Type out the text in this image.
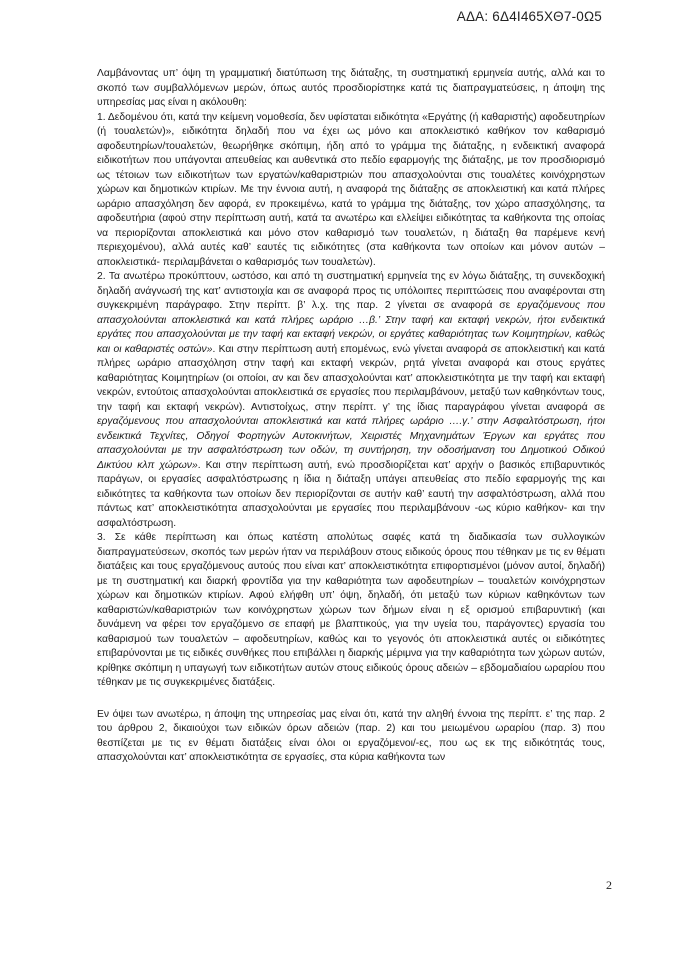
ΑΔΑ: 6Δ4Ι465ΧΘ7-0Ω5

Λαμβάνοντας υπ’ όψη τη γραμματική διατύπωση της διάταξης, τη συστηματική ερμηνεία αυτής, αλλά και το σκοπό των συμβαλλόμενων μερών, όπως αυτός προσδιορίστηκε κατά τις διαπραγματεύσεις, η άποψη της υπηρεσίας μας είναι η ακόλουθη:

1. Δεδομένου ότι, κατά την κείμενη νομοθεσία, δεν υφίσταται ειδικότητα «Εργάτης (ή καθαριστής) αφοδευτηρίων (ή τουαλετών)», ειδικότητα δηλαδή που να έχει ως μόνο και αποκλειστικό καθήκον τον καθαρισμό αφοδευτηρίων/τουαλετών, θεωρήθηκε σκόπιμη, ήδη από το γράμμα της διάταξης, η ενδεικτική αναφορά ειδικοτήτων που υπάγονται απευθείας και αυθεντικά στο πεδίο εφαρμογής της διάταξης, με τον προσδιορισμό ως τέτοιων των ειδικοτήτων των εργατών/καθαριστριών που απασχολούνται στις τουαλέτες κοινόχρηστων χώρων και δημοτικών κτιρίων. Με την έννοια αυτή, η αναφορά της διάταξης σε αποκλειστική και κατά πλήρες ωράριο απασχόληση δεν αφορά, εν προκειμένω, κατά το γράμμα της διάταξης, τον χώρο απασχόλησης, τα αφοδευτήρια (αφού στην περίπτωση αυτή, κατά τα ανωτέρω και ελλείψει ειδικότητας τα καθήκοντα της οποίας να περιορίζονται αποκλειστικά και μόνο στον καθαρισμό των τουαλετών, η διάταξη θα παρέμενε κενή περιεχομένου), αλλά αυτές καθ’ εαυτές τις ειδικότητες (στα καθήκοντα των οποίων και μόνον αυτών –αποκλειστικά- περιλαμβάνεται ο καθαρισμός των τουαλετών).

2. Τα ανωτέρω προκύπτουν, ωστόσο, και από τη συστηματική ερμηνεία της εν λόγω διάταξης, τη συνεκδοχική δηλαδή ανάγνωσή της κατ’ αντιστοιχία και σε αναφορά προς τις υπόλοιπες περιπτώσεις που αναφέρονται στη συγκεκριμένη παράγραφο. Στην περίπτ. β’ λ.χ. της παρ. 2 γίνεται σε αναφορά σε εργαζόμενους που απασχολούνται αποκλειστικά και κατά πλήρες ωράριο …β.’ Στην ταφή και εκταφή νεκρών, ήτοι ενδεικτικά εργάτες που απασχολούνται με την ταφή και εκταφή νεκρών, οι εργάτες καθαριότητας των Κοιμητηρίων, καθώς και οι καθαριστές οστών». Και στην περίπτωση αυτή επομένως, ενώ γίνεται αναφορά σε αποκλειστική και κατά πλήρες ωράριο απασχόληση στην ταφή και εκταφή νεκρών, ρητά γίνεται αναφορά και στους εργάτες καθαριότητας Κοιμητηρίων (οι οποίοι, αν και δεν απασχολούνται κατ’ αποκλειστικότητα με την ταφή και εκταφή νεκρών, εντούτοις απασχολούνται αποκλειστικά σε εργασίες που περιλαμβάνουν, μεταξύ των καθηκόντων τους, την ταφή και εκταφή νεκρών). Αντιστοίχως, στην περίπτ. γ’ της ίδιας παραγράφου γίνεται αναφορά σε εργαζόμενους που απασχολούνται αποκλειστικά και κατά πλήρες ωράριο ….γ.’ στην Ασφαλτόστρωση, ήτοι ενδεικτικά Τεχνίτες, Οδηγοί Φορτηγών Αυτοκινήτων, Χειριστές Μηχανημάτων Έργων και εργάτες που απασχολούνται με την ασφαλτόστρωση των οδών, τη συντήρηση, την οδοσήμανση του Δημοτικού Οδικού Δικτύου κλπ χώρων». Και στην περίπτωση αυτή, ενώ προσδιορίζεται κατ’ αρχήν ο βασικός επιβαρυντικός παράγων, οι εργασίες ασφαλτόστρωσης η ίδια η διάταξη υπάγει απευθείας στο πεδίο εφαρμογής της και ειδικότητες τα καθήκοντα των οποίων δεν περιορίζονται σε αυτήν καθ’ εαυτή την ασφαλτόστρωση, αλλά που πάντως κατ’ αποκλειστικότητα απασχολούνται με εργασίες που περιλαμβάνουν -ως κύριο καθήκον- και την ασφαλτόστρωση.

3. Σε κάθε περίπτωση και όπως κατέστη απολύτως σαφές κατά τη διαδικασία των συλλογικών διαπραγματεύσεων, σκοπός των μερών ήταν να περιλάβουν στους ειδικούς όρους που τέθηκαν με τις εν θέματι διατάξεις και τους εργαζόμενους αυτούς που είναι κατ’ αποκλειστικότητα επιφορτισμένοι (μόνον αυτοί, δηλαδή) με τη συστηματική και διαρκή φροντίδα για την καθαριότητα των αφοδευτηρίων – τουαλετών κοινόχρηστων χώρων και δημοτικών κτιρίων. Αφού ελήφθη υπ’ όψη, δηλαδή, ότι μεταξύ των κύριων καθηκόντων των καθαριστών/καθαριστριών των κοινόχρηστων χώρων των δήμων είναι η εξ ορισμού επιβαρυντική (και δυνάμενη να φέρει τον εργαζόμενο σε επαφή με βλαπτικούς, για την υγεία του, παράγοντες) εργασία του καθαρισμού των τουαλετών – αφοδευτηρίων, καθώς και το γεγονός ότι αποκλειστικά αυτές οι ειδικότητες επιβαρύνονται με τις ειδικές συνθήκες που επιβάλλει η διαρκής μέριμνα για την καθαριότητα των χώρων αυτών, κρίθηκε σκόπιμη η υπαγωγή των ειδικοτήτων αυτών στους ειδικούς όρους αδειών – εβδομαδιαίου ωραρίου που τέθηκαν με τις συγκεκριμένες διατάξεις.

Εν όψει των ανωτέρω, η άποψη της υπηρεσίας μας είναι ότι, κατά την αληθή έννοια της περίπτ. ε’ της παρ. 2 του άρθρου 2, δικαιούχοι των ειδικών όρων αδειών (παρ. 2) και του μειωμένου ωραρίου (παρ. 3) που θεσπίζεται με τις εν θέματι διατάξεις είναι όλοι οι εργαζόμενοι/-ες, που ως εκ της ειδικότητάς τους, απασχολούνται κατ’ αποκλειστικότητα σε εργασίες, στα κύρια καθήκοντα των

2
